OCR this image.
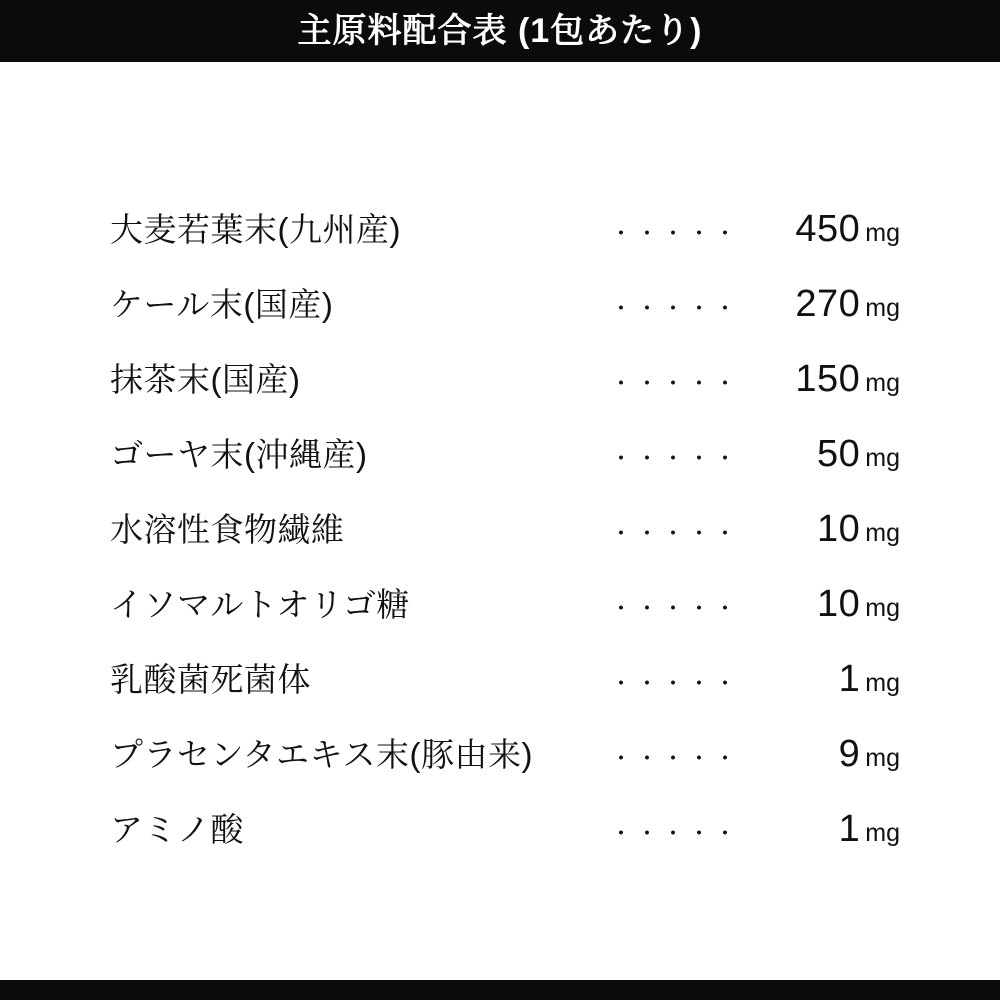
主原料配合表 (1包あたり)
大麦若葉末(九州産)	・・・・・	450 mg
ケール末(国産)	・・・・・	270 mg
抹茶末(国産)	・・・・・	150 mg
ゴーヤ末(沖縄産)	・・・・・	50 mg
水溶性食物繊維	・・・・・	10 mg
イソマルトオリゴ糖	・・・・・	10 mg
乳酸菌死菌体	・・・・・	1 mg
プラセンタエキス末(豚由来)	・・・・・	9 mg
アミノ酸	・・・・・	1 mg
